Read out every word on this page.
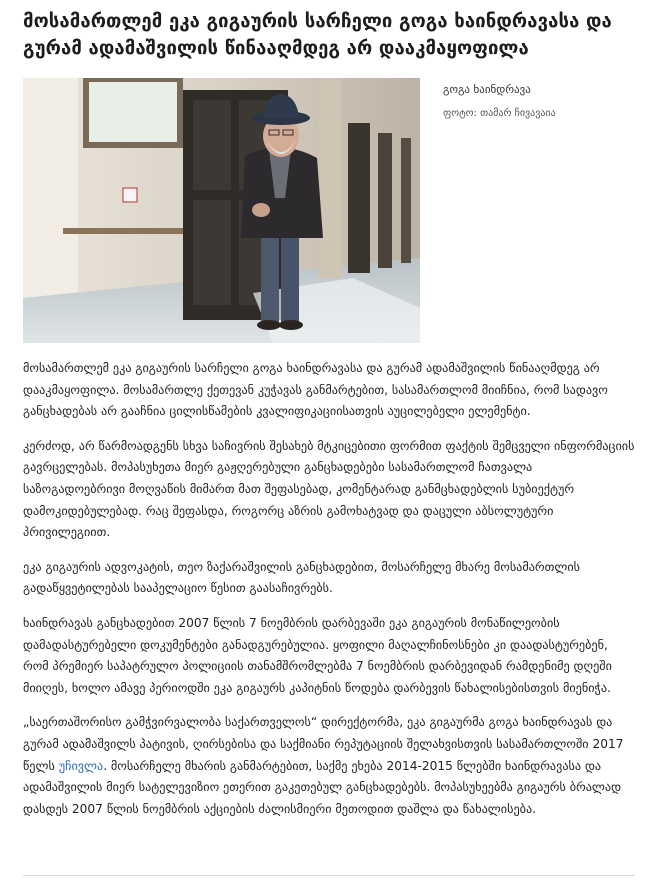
მოსამართლემ ეკა გიგაურის სარჩელი გოგა ხაინდრავასა და გურამ ადამაშვილის წინააღმდეგ არ დააკმაყოფილა
გოგა ხაინდრავა
ფოტო: თამარ ჩივავაია

მოსამართლემ ეკა გიგაურის სარჩელი გოგა ხაინდრავასა და გურამ ადამაშვილის წინააღმდეგ არ დააკმაყოფილა. მოსამართლე ქეთევან კუჭავას განმარტებით, სასამართლომ მიიჩნია, რომ სადავო განცხადებას არ გააჩნია ცილისწამების კვალიფიკაციისათვის აუცილებელი ელემენტი.

კერძოდ, არ წარმოადგენს სხვა საჩივრის შესახებ მტკიცებითი ფორმით ფაქტის შემცველი ინფორმაციის გავრცელებას. მოპასუხეთა მიერ გაჟღერებული განცხადებები სასამართლომ ჩათვალა საზოგადოებრივი მოღვაწის მიმართ მათ შეფასებად, კომენტარად განმცხადებლის სუბიექტურ დამოკიდებულებად. რაც შეფასდა, როგორც აზრის გამოხატვად და დაცული აბსოლუტური პრივილეგიით.

ეკა გიგაურის ადვოკატის, თეო ზაქარაშვილის განცხადებით, მოსარჩელე მხარე მოსამართლის გადაწყვეტილებას სააპელაციო წესით გაასაჩივრებს.

ხაინდრავას განცხადებით 2007 წლის 7 ნოემბრის დარბევაში ეკა გიგაურის მონაწილეობის დამადასტურებელი დოკუმენტები განადგურებულია. ყოფილი მაღალჩინოსნები კი დაადასტურებენ, რომ პრემიერ საპატრულო პოლიციის თანამშრომლებმა 7 ნოემბრის დარბევიდან რამდენიმე დღეში მიიღეს, ხოლო ამავე პერიოდში ეკა გიგაურს კაპიტნის წოდება დარბევის წახალისებისთვის მიენიჭა.

„საერთაშორისო გამჭვირვალობა საქართველოს“ დირექტორმა, ეკა გიგაურმა გოგა ხაინდრავას და გურამ ადამაშვილს პატივის, ღირსებისა და საქმიანი რეპუტაციის შელახვისთვის სასამართლოში 2017 წელს უჩივლა. მოსარჩელე მხარის განმარტებით, საქმე ეხება 2014-2015 წლებში ხაინდრავასა და ადამაშვილის მიერ სატელევიზიო ეთერით გაკეთებულ განცხადებებს. მოპასუხეებმა გიგაურს ბრალად დასდეს 2007 წლის ნოემბრის აქციების ძალისმიერი მეთოდით დაშლა და წახალისება.
